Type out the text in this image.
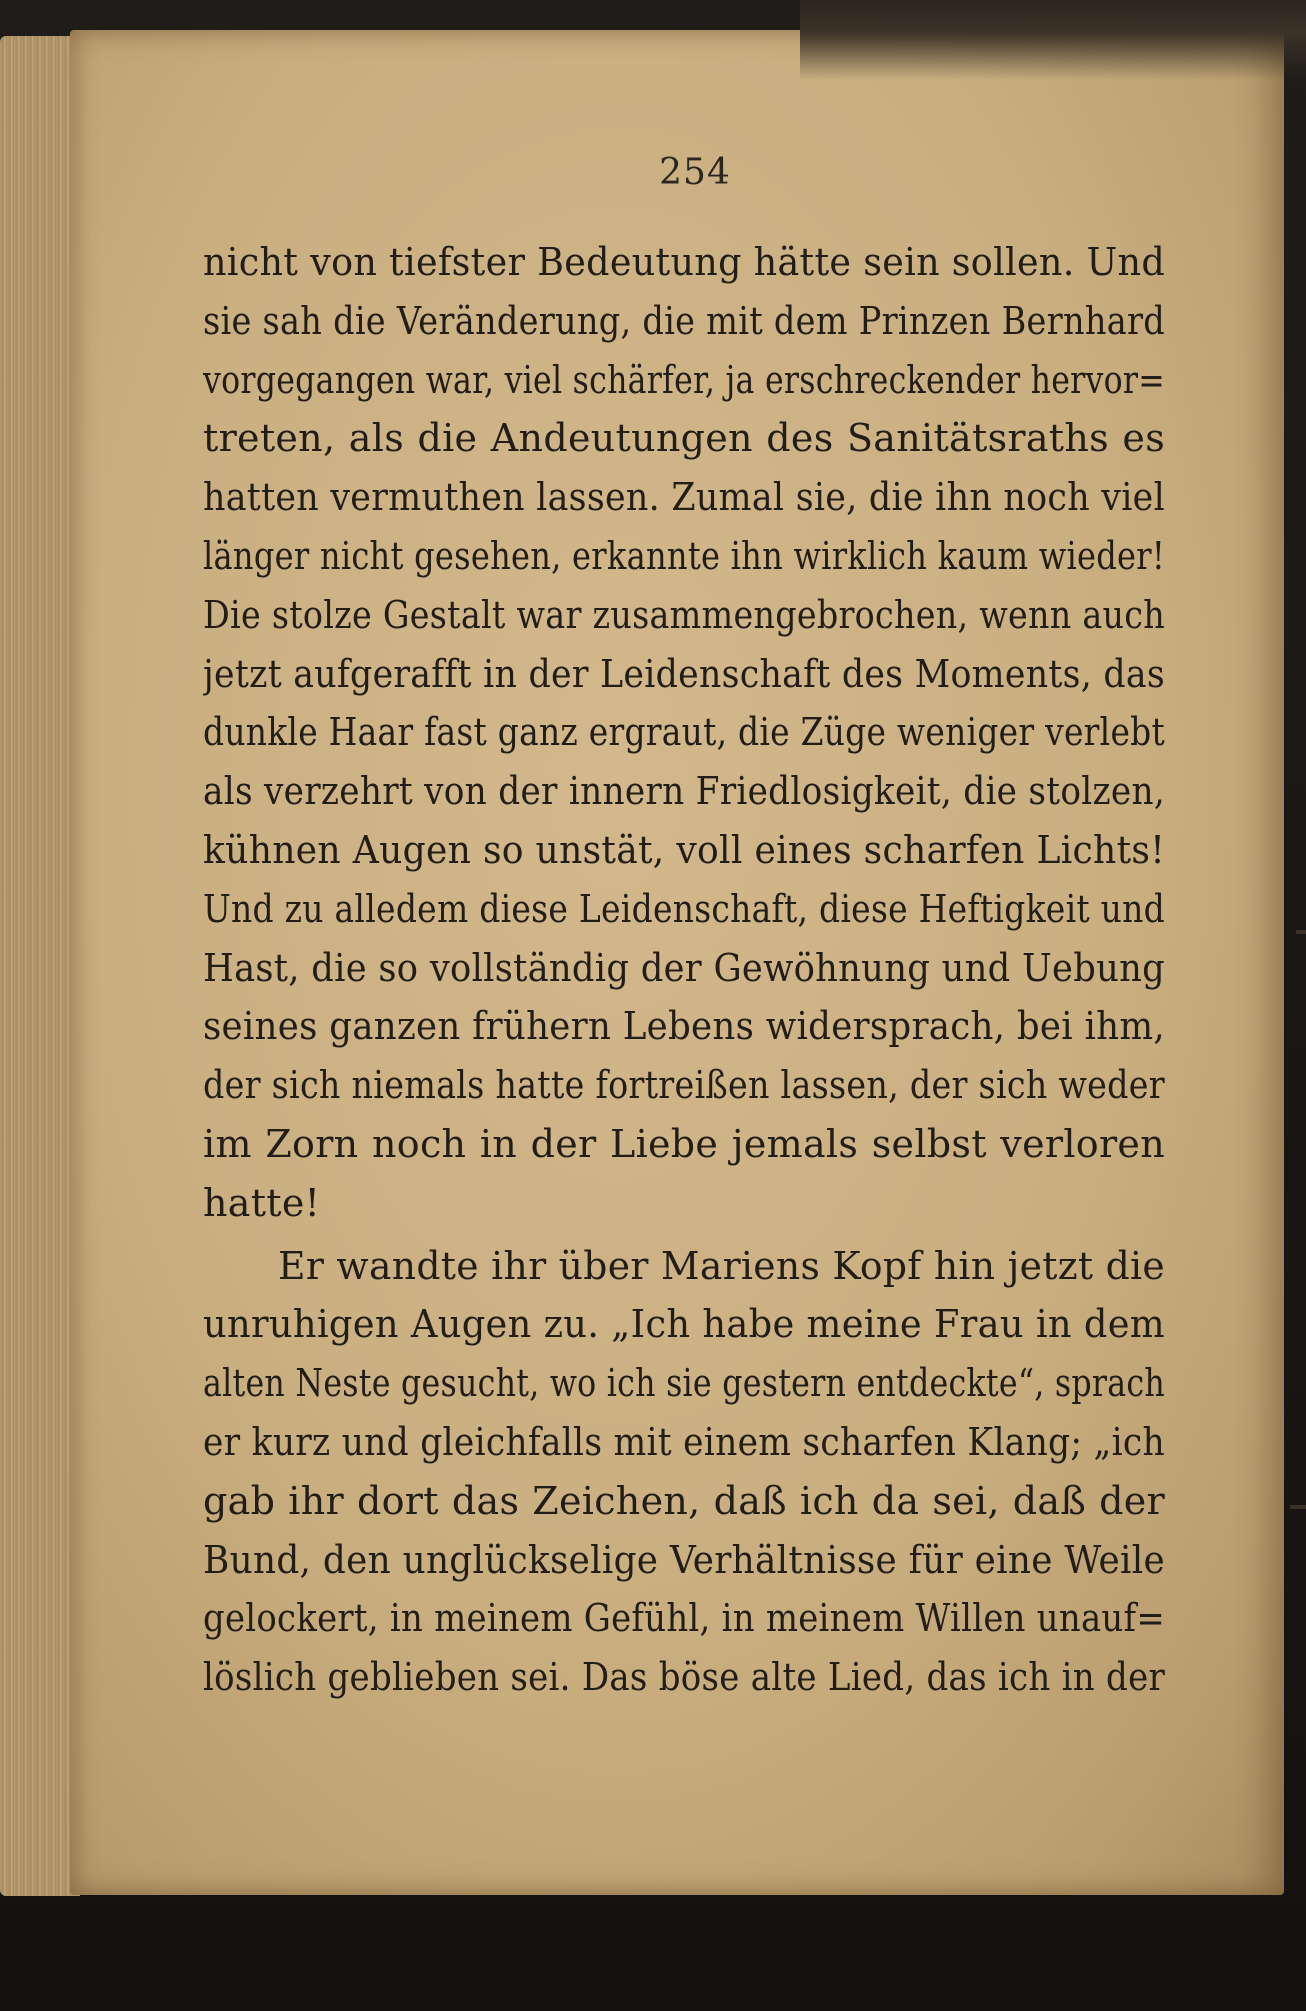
254
nicht von tiefster Bedeutung hätte sein sollen. Und
sie sah die Veränderung, die mit dem Prinzen Bernhard
vorgegangen war, viel schärfer, ja erschreckender hervor=
treten, als die Andeutungen des Sanitätsraths es
hatten vermuthen lassen. Zumal sie, die ihn noch viel
länger nicht gesehen, erkannte ihn wirklich kaum wieder!
Die stolze Gestalt war zusammengebrochen, wenn auch
jetzt aufgerafft in der Leidenschaft des Moments, das
dunkle Haar fast ganz ergraut, die Züge weniger verlebt
als verzehrt von der innern Friedlosigkeit, die stolzen,
kühnen Augen so unstät, voll eines scharfen Lichts!
Und zu alledem diese Leidenschaft, diese Heftigkeit und
Hast, die so vollständig der Gewöhnung und Uebung
seines ganzen frühern Lebens widersprach, bei ihm,
der sich niemals hatte fortreißen lassen, der sich weder
im Zorn noch in der Liebe jemals selbst verloren
hatte!
Er wandte ihr über Mariens Kopf hin jetzt die
unruhigen Augen zu. „Ich habe meine Frau in dem
alten Neste gesucht, wo ich sie gestern entdeckte“, sprach
er kurz und gleichfalls mit einem scharfen Klang; „ich
gab ihr dort das Zeichen, daß ich da sei, daß der
Bund, den unglückselige Verhältnisse für eine Weile
gelockert, in meinem Gefühl, in meinem Willen unauf=
löslich geblieben sei. Das böse alte Lied, das ich in der
